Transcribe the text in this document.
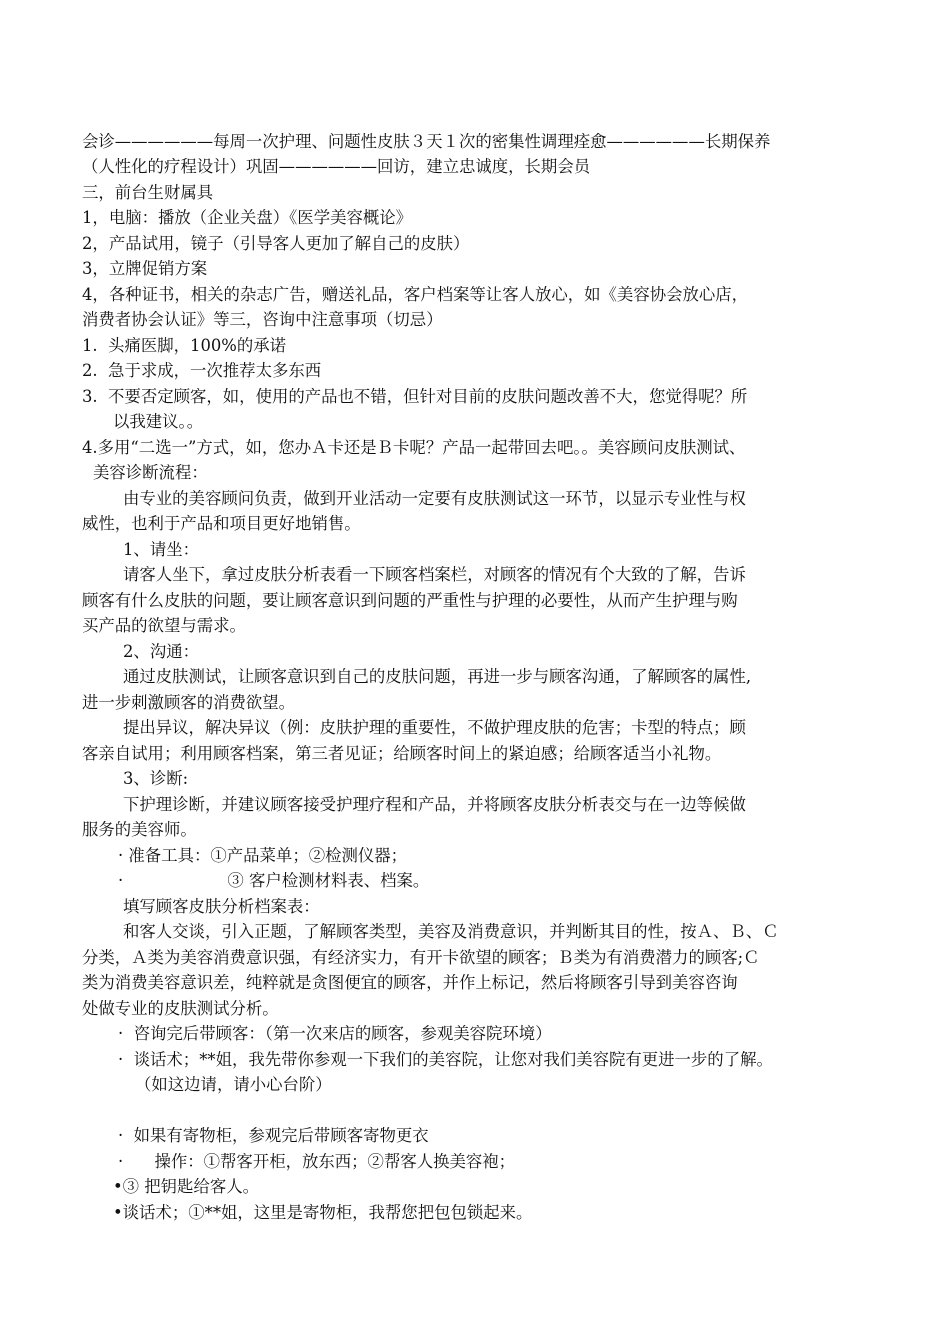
会诊——————每周一次护理、问题性皮肤３天１次的密集性调理痊愈——————长期保养
（人性化的疗程设计）巩固——————回访，建立忠诚度，长期会员
三，前台生财属具
1，电脑：播放（企业关盘）《医学美容概论》
2，产品试用，镜子（引导客人更加了解自己的皮肤）
3，立牌促销方案
4，各种证书，相关的杂志广告，赠送礼品，客户档案等让客人放心，如《美容协会放心店，
消费者协会认证》等三，咨询中注意事项（切忌）
1.  头痛医脚，100%的承诺
2.  急于求成，一次推荐太多东西
3.  不要否定顾客，如，使用的产品也不错，但针对目前的皮肤问题改善不大，您觉得呢？所
以我建议。。
4.多用“二选一”方式，如，您办Ａ卡还是Ｂ卡呢？产品一起带回去吧。。美容顾问皮肤测试、
美容诊断流程：
由专业的美容顾问负责，做到开业活动一定要有皮肤测试这一环节，以显示专业性与权
威性，也利于产品和项目更好地销售。
1、请坐：
请客人坐下，拿过皮肤分析表看一下顾客档案栏，对顾客的情况有个大致的了解，告诉
顾客有什么皮肤的问题，要让顾客意识到问题的严重性与护理的必要性，从而产生护理与购
买产品的欲望与需求。
2、沟通：
通过皮肤测试，让顾客意识到自己的皮肤问题，再进一步与顾客沟通，了解顾客的属性,
进一步刺激顾客的消费欲望。
提出异议，解决异议（例：皮肤护理的重要性，不做护理皮肤的危害；卡型的特点；顾
客亲自试用；利用顾客档案，第三者见证；给顾客时间上的紧迫感；给顾客适当小礼物。
3、诊断:
下护理诊断，并建议顾客接受护理疗程和产品，并将顾客皮肤分析表交与在一边等候做
服务的美容师。
· 准备工具：①产品菜单；②检测仪器；
·                    ③ 客户检测材料表、档案。
填写顾客皮肤分析档案表：
和客人交谈，引入正题，了解顾客类型，美容及消费意识，并判断其目的性，按Ａ、Ｂ、Ｃ
分类，Ａ类为美容消费意识强，有经济实力，有开卡欲望的顾客；Ｂ类为有消费潜力的顾客;Ｃ
类为消费美容意识差，纯粹就是贪图便宜的顾客，并作上标记，然后将顾客引导到美容咨询
处做专业的皮肤测试分析。
·  咨询完后带顾客：（第一次来店的顾客，参观美容院环境）
·  谈话术；**姐，我先带你参观一下我们的美容院，让您对我们美容院有更进一步的了解。
（如这边请，请小心台阶）
·  如果有寄物柜，参观完后带顾客寄物更衣
·      操作：①帮客开柜，放东西；②帮客人换美容袍；
•③ 把钥匙给客人。
•谈话术；①**姐，这里是寄物柜，我帮您把包包锁起来。
